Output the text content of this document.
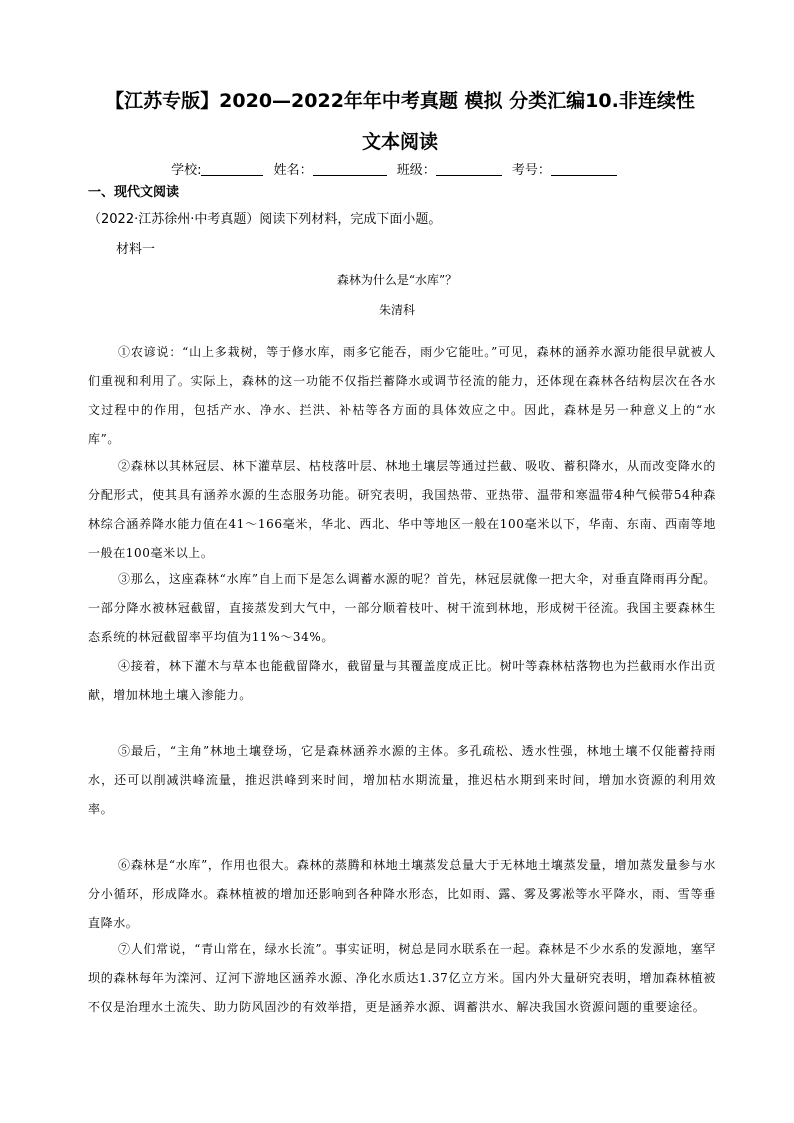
【江苏专版】2020—2022年年中考真题 模拟 分类汇编10.非连续性
文本阅读
学校:	姓名：	班级：	考号：
一、现代文阅读
（2022·江苏徐州·中考真题）阅读下列材料，完成下面小题。
材料一
森林为什么是“水库”？
朱清科

①农谚说：“山上多栽树，等于修水库，雨多它能吞，雨少它能吐。”可见，森林的涵养水源功能很早就被人们重视和利用了。实际上，森林的这一功能不仅指拦蓄降水或调节径流的能力，还体现在森林各结构层次在各水文过程中的作用，包括产水、净水、拦洪、补枯等各方面的具体效应之中。因此，森林是另一种意义上的“水库”。

②森林以其林冠层、林下灌草层、枯枝落叶层、林地土壤层等通过拦截、吸收、蓄积降水，从而改变降水的分配形式，使其具有涵养水源的生态服务功能。研究表明，我国热带、亚热带、温带和寒温带4种气候带54种森林综合涵养降水能力值在41～166毫米，华北、西北、华中等地区一般在100毫米以下，华南、东南、西南等地一般在100毫米以上。

③那么，这座森林“水库”自上而下是怎么调蓄水源的呢？首先，林冠层就像一把大伞，对垂直降雨再分配。一部分降水被林冠截留，直接蒸发到大气中，一部分顺着枝叶、树干流到林地，形成树干径流。我国主要森林生态系统的林冠截留率平均值为11%～34%。

④接着，林下灌木与草本也能截留降水，截留量与其覆盖度成正比。树叶等森林枯落物也为拦截雨水作出贡献，增加林地土壤入渗能力。

⑤最后，“主角”林地土壤登场，它是森林涵养水源的主体。多孔疏松、透水性强，林地土壤不仅能蓄持雨水，还可以削减洪峰流量，推迟洪峰到来时间，增加枯水期流量，推迟枯水期到来时间，增加水资源的利用效率。

⑥森林是“水库”，作用也很大。森林的蒸腾和林地土壤蒸发总量大于无林地土壤蒸发量，增加蒸发量参与水分小循环，形成降水。森林植被的增加还影响到各种降水形态，比如雨、露、雾及雾凇等水平降水，雨、雪等垂直降水。

⑦人们常说，“青山常在，绿水长流”。事实证明，树总是同水联系在一起。森林是不少水系的发源地，塞罕坝的森林每年为滦河、辽河下游地区涵养水源、净化水质达1.37亿立方米。国内外大量研究表明，增加森林植被不仅是治理水土流失、助力防风固沙的有效举措，更是涵养水源、调蓄洪水、解决我国水资源问题的重要途径。
